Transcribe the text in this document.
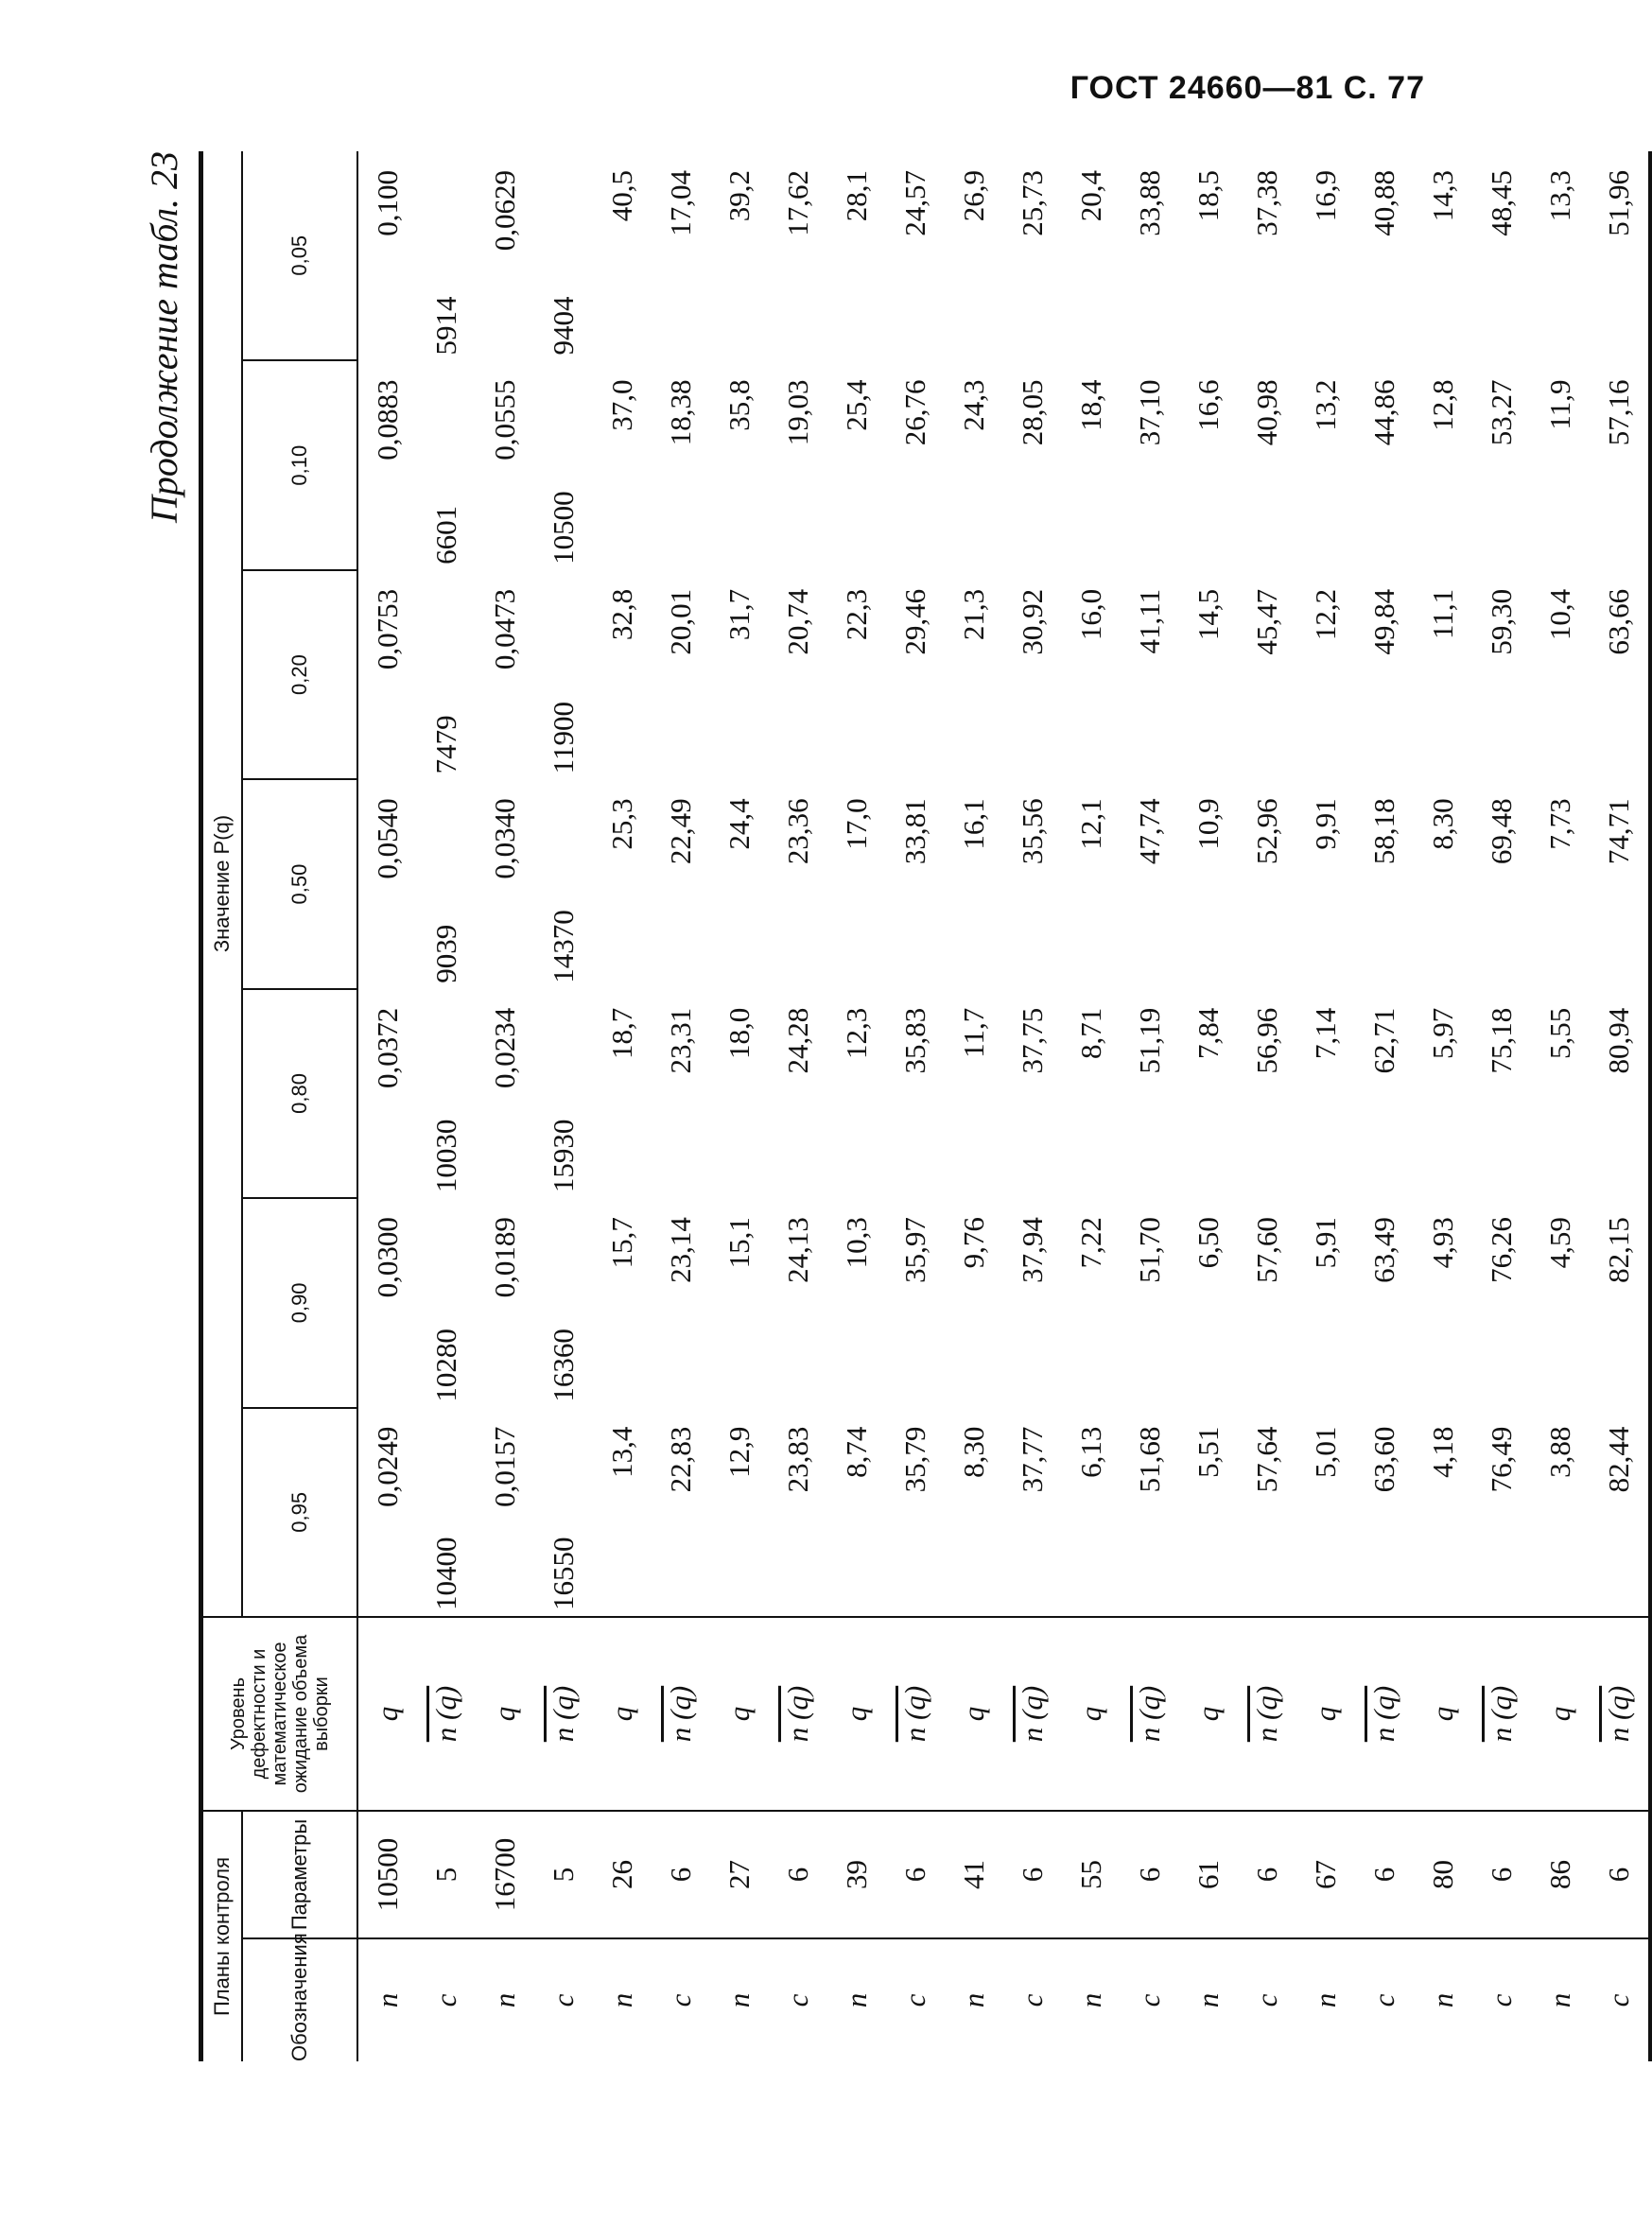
ГОСТ 24660—81 С. 77
Продолжение табл. 23
Планы контроля		Уровень дефектности и математическое ожидание объема выборки	Значение P(q)						
Обозначения	Параметры		0,95	0,90	0,80	0,50	0,20	0,10	0,05
n	10500	q	0,0249	0,0300	0,0372	0,0540	0,0753	0,0883	0,100
c	5	n (q)	10400	10280	10030	9039	7479	6601	5914
n	16700	q	0,0157	0,0189	0,0234	0,0340	0,0473	0,0555	0,0629
c	5	n (q)	16550	16360	15930	14370	11900	10500	9404
n	26	q	13,4	15,7	18,7	25,3	32,8	37,0	40,5
c	6	n (q)	22,83	23,14	23,31	22,49	20,01	18,38	17,04
n	27	q	12,9	15,1	18,0	24,4	31,7	35,8	39,2
c	6	n (q)	23,83	24,13	24,28	23,36	20,74	19,03	17,62
n	39	q	8,74	10,3	12,3	17,0	22,3	25,4	28,1
c	6	n (q)	35,79	35,97	35,83	33,81	29,46	26,76	24,57
n	41	q	8,30	9,76	11,7	16,1	21,3	24,3	26,9
c	6	n (q)	37,77	37,94	37,75	35,56	30,92	28,05	25,73
n	55	q	6,13	7,22	8,71	12,1	16,0	18,4	20,4
c	6	n (q)	51,68	51,70	51,19	47,74	41,11	37,10	33,88
n	61	q	5,51	6,50	7,84	10,9	14,5	16,6	18,5
c	6	n (q)	57,64	57,60	56,96	52,96	45,47	40,98	37,38
n	67	q	5,01	5,91	7,14	9,91	12,2	13,2	16,9
c	6	n (q)	63,60	63,49	62,71	58,18	49,84	44,86	40,88
n	80	q	4,18	4,93	5,97	8,30	11,1	12,8	14,3
c	6	n (q)	76,49	76,26	75,18	69,48	59,30	53,27	48,45
n	86	q	3,88	4,59	5,55	7,73	10,4	11,9	13,3
c	6	n (q)	82,44	82,15	80,94	74,71	63,66	57,16	51,96
